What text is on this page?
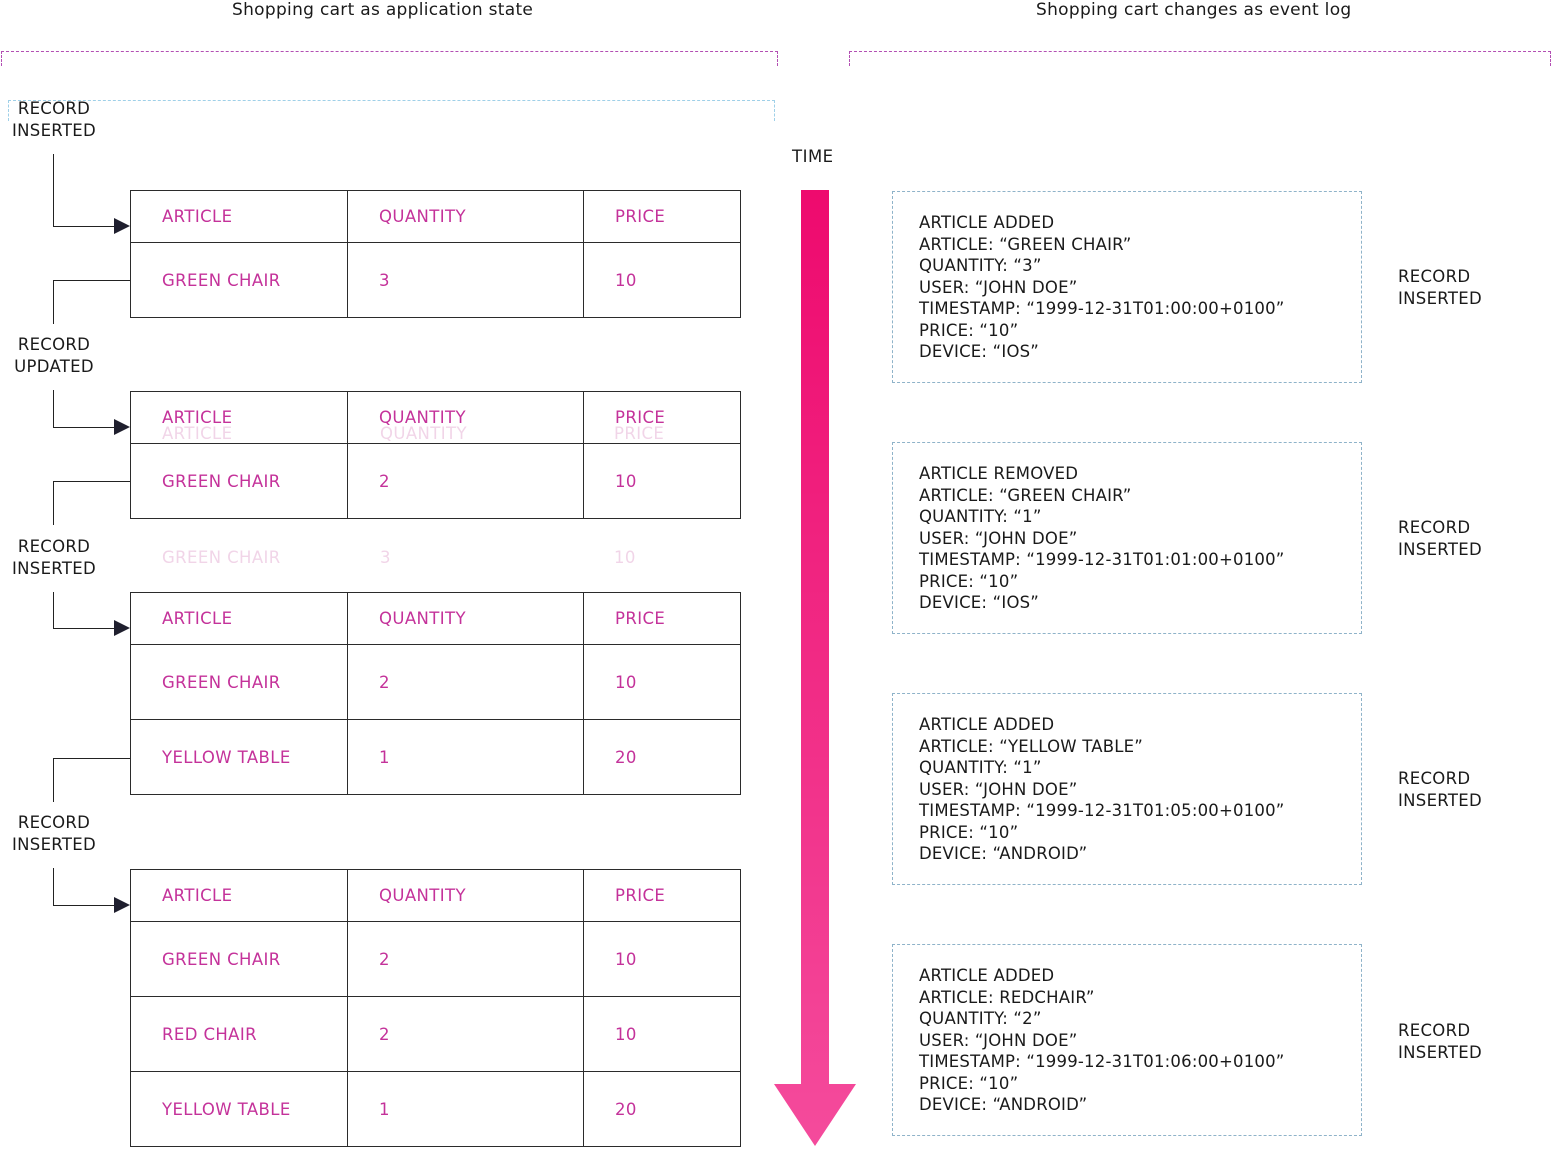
Shopping cart as application state	Shopping cart changes as event log
RECORD
INSERTED
ARTICLE	QUANTITY	PRICE
GREEN CHAIR	3	10
RECORD
UPDATED
ARTICLE	QUANTITY	PRICE
GREEN CHAIR	3	10
ARTICLE	QUANTITY	PRICE
GREEN CHAIR	2	10
RECORD
INSERTED
ARTICLE	QUANTITY	PRICE
GREEN CHAIR	2	10
YELLOW TABLE	1	20
RECORD
INSERTED
ARTICLE	QUANTITY	PRICE
GREEN CHAIR	2	10
RED CHAIR	2	10
YELLOW TABLE	1	20
TIME
ARTICLE ADDED
ARTICLE: “GREEN CHAIR”
QUANTITY: “3”
USER: “JOHN DOE”
TIMESTAMP: “1999-12-31T01:00:00+0100”
PRICE: “10”
DEVICE: “IOS”
RECORD
INSERTED
ARTICLE REMOVED
ARTICLE: “GREEN CHAIR”
QUANTITY: “1”
USER: “JOHN DOE”
TIMESTAMP: “1999-12-31T01:01:00+0100”
PRICE: “10”
DEVICE: “IOS”
RECORD
INSERTED
ARTICLE ADDED
ARTICLE: “YELLOW TABLE”
QUANTITY: “1”
USER: “JOHN DOE”
TIMESTAMP: “1999-12-31T01:05:00+0100”
PRICE: “10”
DEVICE: “ANDROID”
RECORD
INSERTED
ARTICLE ADDED
ARTICLE: REDCHAIR”
QUANTITY: “2”
USER: “JOHN DOE”
TIMESTAMP: “1999-12-31T01:06:00+0100”
PRICE: “10”
DEVICE: “ANDROID”
RECORD
INSERTED
